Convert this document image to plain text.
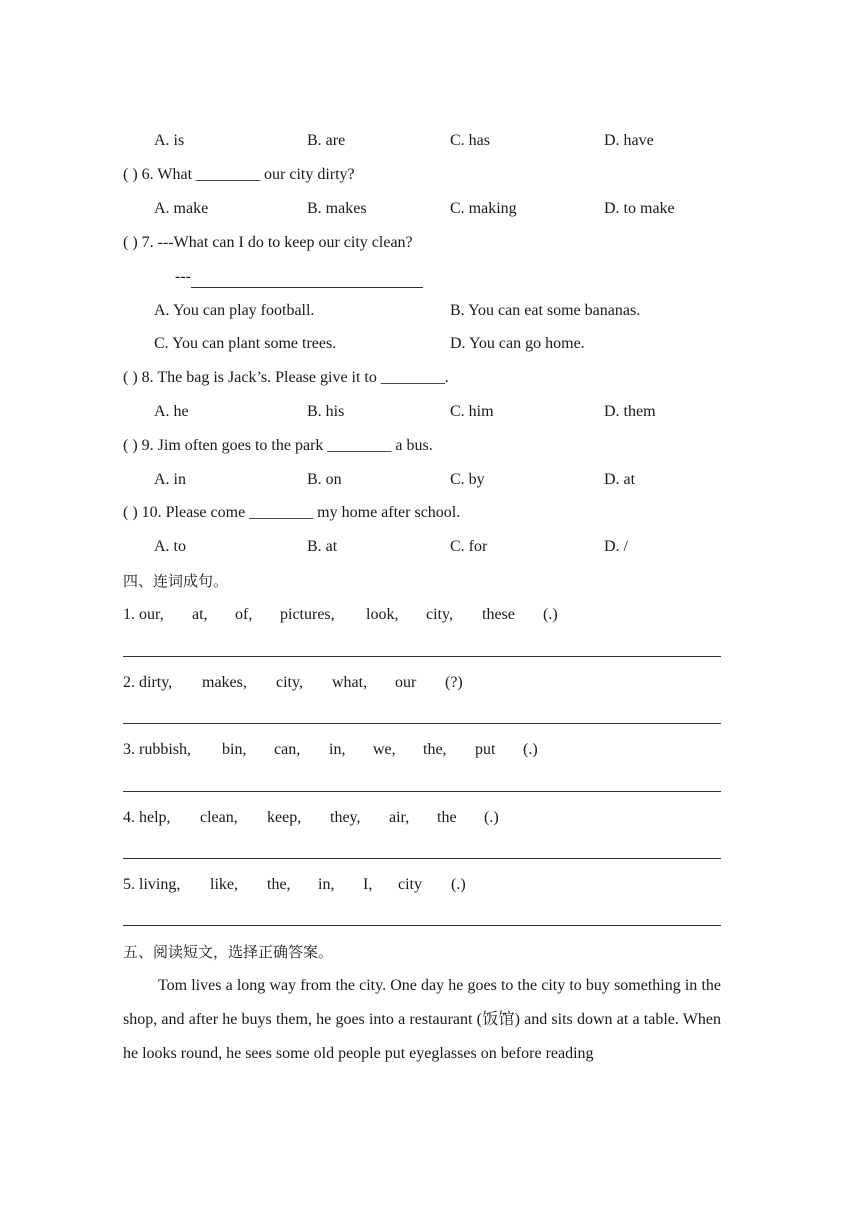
A. is	B. are	C. has	D. have
( ) 6. What ________ our city dirty?
A. make	B. makes	C. making	D. to make
( ) 7. ---What can I do to keep our city clean?
---
A. You can play football.	B. You can eat some bananas.
C. You can plant some trees.	D. You can go home.
( ) 8. The bag is Jack’s. Please give it to ________.
A. he	B. his	C. him	D. them
( ) 9. Jim often goes to the park ________ a bus.
A. in	B. on	C. by	D. at
( ) 10. Please come ________ my home after school.
A. to	B. at	C. for	D. /
四、连词成句。
1. our, at, of, pictures, look, city, these (.)
2. dirty, makes, city, what, our (?)
3. rubbish, bin, can, in, we, the, put (.)
4. help, clean, keep, they, air, the (.)
5. living, like, the, in, I, city (.)
五、阅读短文，选择正确答案。
Tom lives a long way from the city. One day he goes to the city to buy something in the shop, and after he buys them, he goes into a restaurant (饭馆) and sits down at a table. When he looks round, he sees some old people put eyeglasses on before reading
